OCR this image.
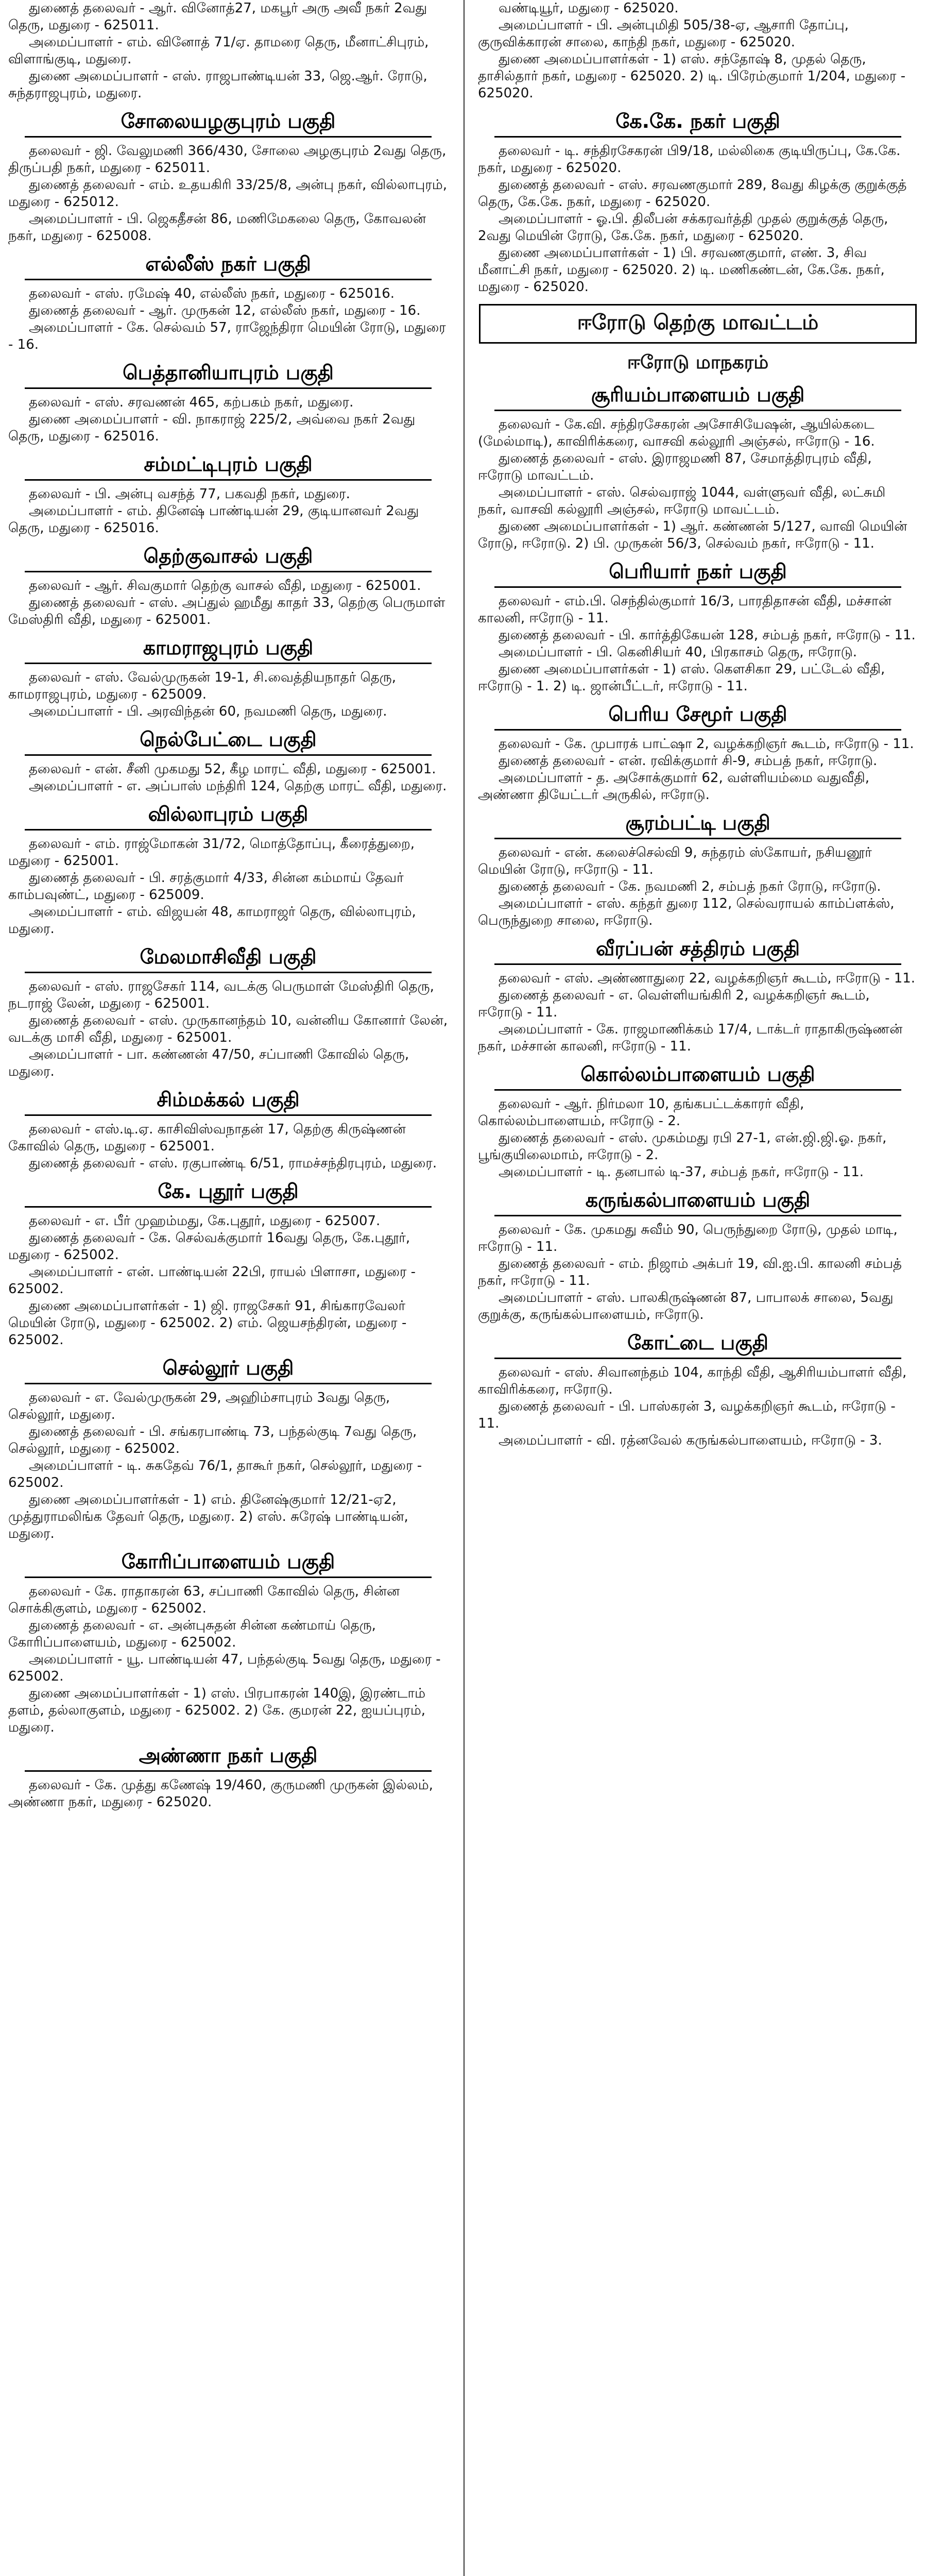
துணைத் தலைவர் - ஆர். வினோத்27, மகபூர் அரு அவீ நகர் 2வது தெரு, மதுரை - 625011.

அமைப்பாளர் - எம். வினோத் 71/ஏ. தாமரை தெரு, மீனாட்சிபுரம், விளாங்குடி, மதுரை.

துணை அமைப்பாளர் - எஸ். ராஜபாண்டியன் 33, ஜெ.ஆர். ரோடு, சுந்தராஜபுரம், மதுரை.

சோலையழகுபுரம் பகுதி

தலைவர் - ஜி. வேலுமணி 366/430, சோலை அழகுபுரம் 2வது தெரு, திருப்பதி நகர், மதுரை - 625011.

துணைத் தலைவர் - எம். உதயகிரி 33/25/8, அன்பு நகர், வில்லாபுரம், மதுரை - 625012.

அமைப்பாளர் - பி. ஜெகதீசன் 86, மணிமேகலை தெரு, கோவலன் நகர், மதுரை - 625008.

எல்லீஸ் நகர் பகுதி

தலைவர் - எஸ். ரமேஷ் 40, எல்லீஸ் நகர், மதுரை - 625016.

துணைத் தலைவர் - ஆர். முருகன் 12, எல்லீஸ் நகர், மதுரை - 16.

அமைப்பாளர் - கே. செல்வம் 57, ராஜேந்திரா மெயின் ரோடு, மதுரை - 16.

பெத்தானியாபுரம் பகுதி

தலைவர் - எஸ். சரவணன் 465, கற்பகம் நகர், மதுரை.

துணை அமைப்பாளர் - வி. நாகராஜ் 225/2, அவ்வை நகர் 2வது தெரு, மதுரை - 625016.

சம்மட்டிபுரம் பகுதி

தலைவர் - பி. அன்பு வசந்த் 77, பகவதி நகர், மதுரை.

அமைப்பாளர் - எம். தினேஷ் பாண்டியன் 29, குடியானவர் 2வது தெரு, மதுரை - 625016.

தெற்குவாசல் பகுதி

தலைவர் - ஆர். சிவகுமார் தெற்கு வாசல் வீதி, மதுரை - 625001.

துணைத் தலைவர் - எஸ். அப்துல் ஹமீது காதர் 33, தெற்கு பெருமாள் மேஸ்திரி வீதி, மதுரை - 625001.

காமராஜபுரம் பகுதி

தலைவர் - எஸ். வேல்முருகன் 19-1, சி.வைத்தியநாதர் தெரு, காமராஜபுரம், மதுரை - 625009.

அமைப்பாளர் - பி. அரவிந்தன் 60, நவமணி தெரு, மதுரை.

நெல்பேட்டை பகுதி

தலைவர் - என். சீனி முகமது 52, கீழ மாரட் வீதி, மதுரை - 625001.

அமைப்பாளர் - எ. அப்பாஸ் மந்திரி 124, தெற்கு மாரட் வீதி, மதுரை.

வில்லாபுரம் பகுதி

தலைவர் - எம். ராஜ்மோகன் 31/72, மொத்தோப்பு, கீரைத்துறை, மதுரை - 625001.

துணைத் தலைவர் - பி. சரத்குமார் 4/33, சின்ன கம்மாய் தேவர் காம்பவுண்ட், மதுரை - 625009.

அமைப்பாளர் - எம். விஜயன் 48, காமராஜர் தெரு, வில்லாபுரம், மதுரை.

மேலமாசிவீதி பகுதி

தலைவர் - எஸ். ராஜசேகர் 114, வடக்கு பெருமாள் மேஸ்திரி தெரு, நடராஜ் லேன், மதுரை - 625001.

துணைத் தலைவர் - எஸ். முருகானந்தம் 10, வன்னிய கோனார் லேன், வடக்கு மாசி வீதி, மதுரை - 625001.

அமைப்பாளர் - பா. கண்ணன் 47/50, சப்பாணி கோவில் தெரு, மதுரை.

சிம்மக்கல் பகுதி

தலைவர் - எஸ்.டி.ஏ. காசிவிஸ்வநாதன் 17, தெற்கு கிருஷ்ணன் கோவில் தெரு, மதுரை - 625001.

துணைத் தலைவர் - எஸ். ரகுபாண்டி 6/51, ராமச்சந்திரபுரம், மதுரை.

கே. புதூர் பகுதி

தலைவர் - எ. பீர் முஹம்மது, கே.புதூர், மதுரை - 625007.

துணைத் தலைவர் - கே. செல்வக்குமார் 16வது தெரு, கே.புதூர், மதுரை - 625002.

அமைப்பாளர் - என். பாண்டியன் 22பி, ராயல் பிளாசா, மதுரை - 625002.

துணை அமைப்பாளர்கள் - 1) ஜி. ராஜசேகர் 91, சிங்காரவேலர் மெயின் ரோடு, மதுரை - 625002. 2) எம். ஜெயசந்திரன், மதுரை - 625002.

செல்லூர் பகுதி

தலைவர் - எ. வேல்முருகன் 29, அஹிம்சாபுரம் 3வது தெரு, செல்லூர், மதுரை.

துணைத் தலைவர் - பி. சங்கரபாண்டி 73, பந்தல்குடி 7வது தெரு, செல்லூர், மதுரை - 625002.

அமைப்பாளர் - டி. சுகதேவ் 76/1, தாகூர் நகர், செல்லூர், மதுரை - 625002.

துணை அமைப்பாளர்கள் - 1) எம். தினேஷ்குமார் 12/21-ஏ2, முத்துராமலிங்க தேவர் தெரு, மதுரை. 2) எஸ். சுரேஷ் பாண்டியன், மதுரை.

கோரிப்பாளையம் பகுதி

தலைவர் - கே. ராதாகரன் 63, சப்பாணி கோவில் தெரு, சின்ன சொக்கிகுளம், மதுரை - 625002.

துணைத் தலைவர் - எ. அன்புசுதன் சின்ன கண்மாய் தெரு, கோரிப்பாளையம், மதுரை - 625002.

அமைப்பாளர் - யூ. பாண்டியன் 47, பந்தல்குடி 5வது தெரு, மதுரை - 625002.

துணை அமைப்பாளர்கள் - 1) எஸ். பிரபாகரன் 140இ, இரண்டாம் தளம், தல்லாகுளம், மதுரை - 625002. 2) கே. குமரன் 22, ஐயப்புரம், மதுரை.

அண்ணா நகர் பகுதி

தலைவர் - கே. முத்து கணேஷ் 19/460, குருமணி முருகன் இல்லம், அண்ணா நகர், மதுரை - 625020.

வண்டியூர், மதுரை - 625020.

அமைப்பாளர் - பி. அன்புமிதி 505/38-ஏ, ஆசாரி தோப்பு, குருவிக்காரன் சாலை, காந்தி நகர், மதுரை - 625020.

துணை அமைப்பாளர்கள் - 1) எஸ். சந்தோஷ் 8, முதல் தெரு, தாசில்தார் நகர், மதுரை - 625020. 2) டி. பிரேம்குமார் 1/204, மதுரை - 625020.

கே.கே. நகர் பகுதி

தலைவர் - டி. சந்திரசேகரன் பி9/18, மல்லிகை குடியிருப்பு, கே.கே. நகர், மதுரை - 625020.

துணைத் தலைவர் - எஸ். சரவணகுமார் 289, 8வது கிழக்கு குறுக்குத் தெரு, கே.கே. நகர், மதுரை - 625020.

அமைப்பாளர் - ஓ.பி. திலீபன் சக்கரவர்த்தி முதல் குறுக்குத் தெரு, 2வது மெயின் ரோடு, கே.கே. நகர், மதுரை - 625020.

துணை அமைப்பாளர்கள் - 1) பி. சரவணகுமார், எண். 3, சிவ மீனாட்சி நகர், மதுரை - 625020. 2) டி. மணிகண்டன், கே.கே. நகர், மதுரை - 625020.

ஈரோடு தெற்கு மாவட்டம்
ஈரோடு மாநகரம்
சூரியம்பாளையம் பகுதி

தலைவர் - கே.வி. சந்திரசேகரன் அசோசியேஷன், ஆயில்கடை (மேல்மாடி), காவிரிக்கரை, வாசவி கல்லூரி அஞ்சல், ஈரோடு - 16.

துணைத் தலைவர் - எஸ். இராஜமணி 87, சேமாத்திரபுரம் வீதி, ஈரோடு மாவட்டம்.

அமைப்பாளர் - எஸ். செல்வராஜ் 1044, வள்ளுவர் வீதி, லட்சுமி நகர், வாசவி கல்லூரி அஞ்சல், ஈரோடு மாவட்டம்.

துணை அமைப்பாளர்கள் - 1) ஆர். கண்ணன் 5/127, வாவி மெயின் ரோடு, ஈரோடு. 2) பி. முருகன் 56/3, செல்வம் நகர், ஈரோடு - 11.

பெரியார் நகர் பகுதி

தலைவர் - எம்.பி. செந்தில்குமார் 16/3, பாரதிதாசன் வீதி, மச்சான் காலனி, ஈரோடு - 11.

துணைத் தலைவர் - பி. கார்த்திகேயன் 128, சம்பத் நகர், ஈரோடு - 11.

அமைப்பாளர் - பி. கெனிசியர் 40, பிரகாசம் தெரு, ஈரோடு.

துணை அமைப்பாளர்கள் - 1) எஸ். கௌசிகா 29, பட்டேல் வீதி, ஈரோடு - 1. 2) டி. ஜான்பீட்டர், ஈரோடு - 11.

பெரிய சேமூர் பகுதி

தலைவர் - கே. முபாரக் பாட்ஷா 2, வழக்கறிஞர் கூடம், ஈரோடு - 11.

துணைத் தலைவர் - என். ரவிக்குமார் சி-9, சம்பத் நகர், ஈரோடு.

அமைப்பாளர் - த. அசோக்குமார் 62, வள்ளியம்மை வதுவீதி, அண்ணா தியேட்டர் அருகில், ஈரோடு.

சூரம்பட்டி பகுதி

தலைவர் - என். கலைச்செல்வி 9, சுந்தரம் ஸ்கோயர், நசியனூர் மெயின் ரோடு, ஈரோடு - 11.

துணைத் தலைவர் - கே. நவமணி 2, சம்பத் நகர் ரோடு, ஈரோடு.

அமைப்பாளர் - எஸ். கந்தர் துரை 112, செல்வராயல் காம்ப்ளக்ஸ், பெருந்துறை சாலை, ஈரோடு.

வீரப்பன் சத்திரம் பகுதி

தலைவர் - எஸ். அண்ணாதுரை 22, வழக்கறிஞர் கூடம், ஈரோடு - 11.

துணைத் தலைவர் - எ. வெள்ளியங்கிரி 2, வழக்கறிஞர் கூடம், ஈரோடு - 11.

அமைப்பாளர் - கே. ராஜமாணிக்கம் 17/4, டாக்டர் ராதாகிருஷ்ணன் நகர், மச்சான் காலனி, ஈரோடு - 11.

கொல்லம்பாளையம் பகுதி

தலைவர் - ஆர். நிர்மலா 10, தங்கபட்டக்காரர் வீதி, கொல்லம்பாளையம், ஈரோடு - 2.

துணைத் தலைவர் - எஸ். முகம்மது ரபி 27-1, என்.ஜி.ஜி.ஓ. நகர், பூங்குயிலைமாம், ஈரோடு - 2.

அமைப்பாளர் - டி. தனபால் டி-37, சம்பத் நகர், ஈரோடு - 11.

கருங்கல்பாளையம் பகுதி

தலைவர் - கே. முகமது சுவீம் 90, பெருந்துறை ரோடு, முதல் மாடி, ஈரோடு - 11.

துணைத் தலைவர் - எம். நிஜாம் அக்பர் 19, வி.ஐ.பி. காலனி சம்பத் நகர், ஈரோடு - 11.

அமைப்பாளர் - எஸ். பாலகிருஷ்ணன் 87, பாபாலக் சாலை, 5வது குறுக்கு, கருங்கல்பாளையம், ஈரோடு.

கோட்டை பகுதி

தலைவர் - எஸ். சிவானந்தம் 104, காந்தி வீதி, ஆசிரியம்பாளர் வீதி, காவிரிக்கரை, ஈரோடு.

துணைத் தலைவர் - பி. பாஸ்கரன் 3, வழக்கறிஞர் கூடம், ஈரோடு - 11.

அமைப்பாளர் - வி. ரத்னவேல் கருங்கல்பாளையம், ஈரோடு - 3.
